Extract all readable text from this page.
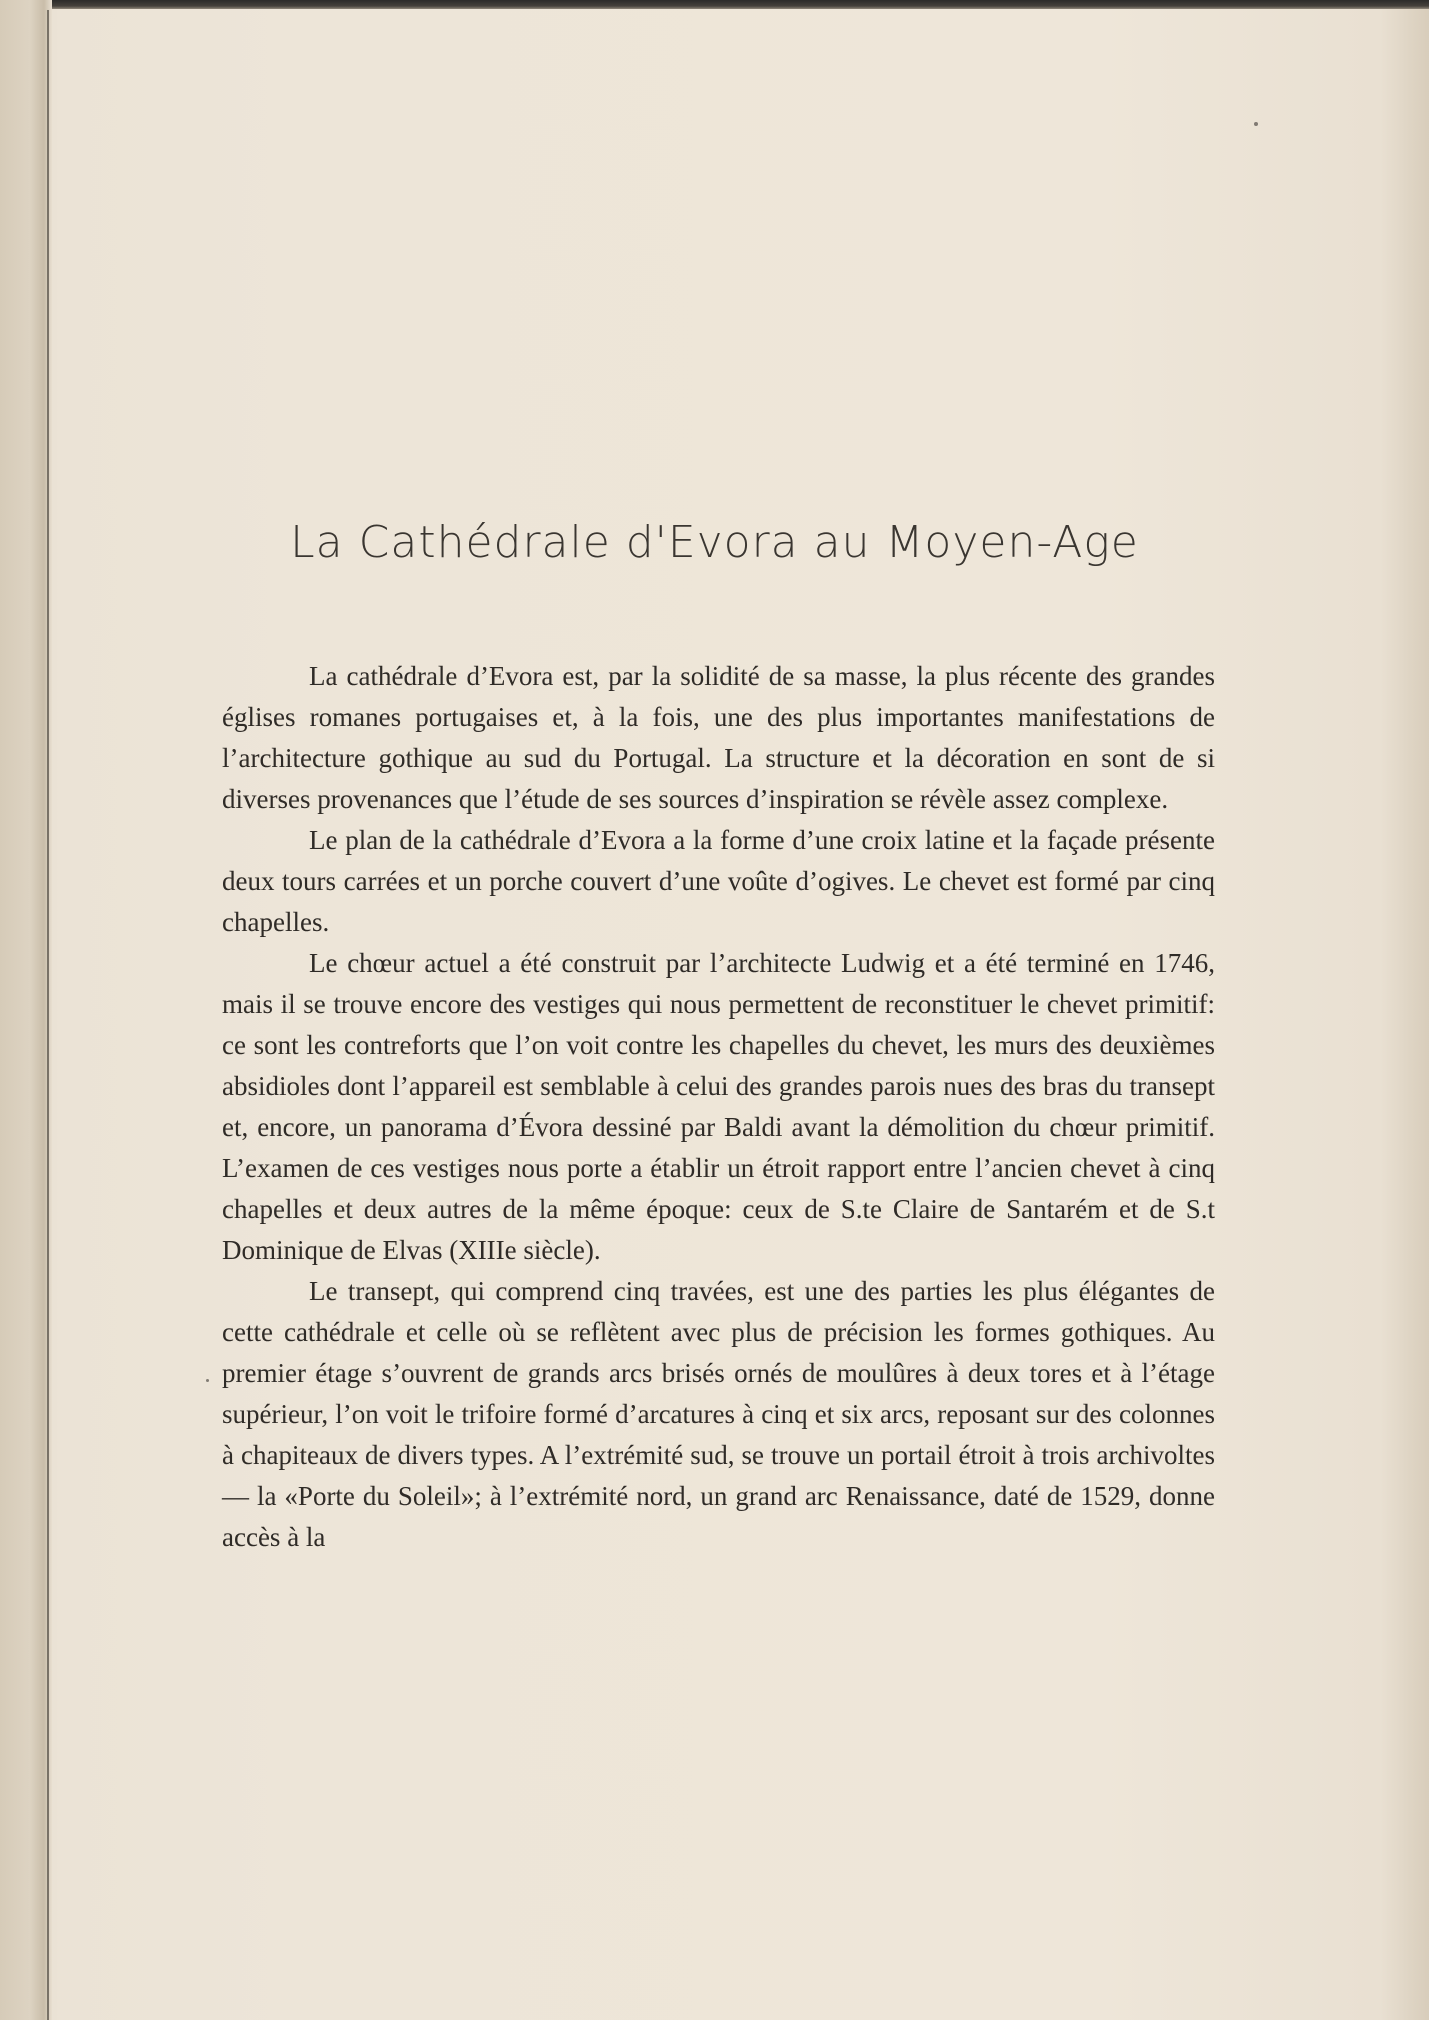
La Cathédrale d'Evora au Moyen-Age

La cathédrale d’Evora est, par la solidité de sa masse, la plus récente des grandes églises romanes portugaises et, à la fois, une des plus importantes manifestations de l’architecture gothique au sud du Portugal. La structure et la décoration en sont de si diverses provenances que l’étude de ses sources d’inspiration se révèle assez complexe.

Le plan de la cathédrale d’Evora a la forme d’une croix latine et la façade présente deux tours carrées et un porche couvert d’une voûte d’ogives. Le chevet est formé par cinq chapelles.

Le chœur actuel a été construit par l’architecte Ludwig et a été terminé en 1746, mais il se trouve encore des vestiges qui nous permettent de reconstituer le chevet primitif: ce sont les contreforts que l’on voit contre les chapelles du chevet, les murs des deuxièmes absidioles dont l’appareil est semblable à celui des grandes parois nues des bras du transept et, encore, un panorama d’Évora dessiné par Baldi avant la démolition du chœur primitif. L’examen de ces vestiges nous porte a établir un étroit rapport entre l’ancien chevet à cinq chapelles et deux autres de la même époque: ceux de S.te Claire de Santarém et de S.t Dominique de Elvas (XIIIe siècle).

Le transept, qui comprend cinq travées, est une des parties les plus élégantes de cette cathédrale et celle où se reflètent avec plus de précision les formes gothiques. Au premier étage s’ouvrent de grands arcs brisés ornés de moulûres à deux tores et à l’étage supérieur, l’on voit le trifoire formé d’arcatures à cinq et six arcs, reposant sur des colonnes à chapiteaux de divers types. A l’extrémité sud, se trouve un portail étroit à trois archivoltes — la «Porte du Soleil»; à l’extrémité nord, un grand arc Renaissance, daté de 1529, donne accès à la
